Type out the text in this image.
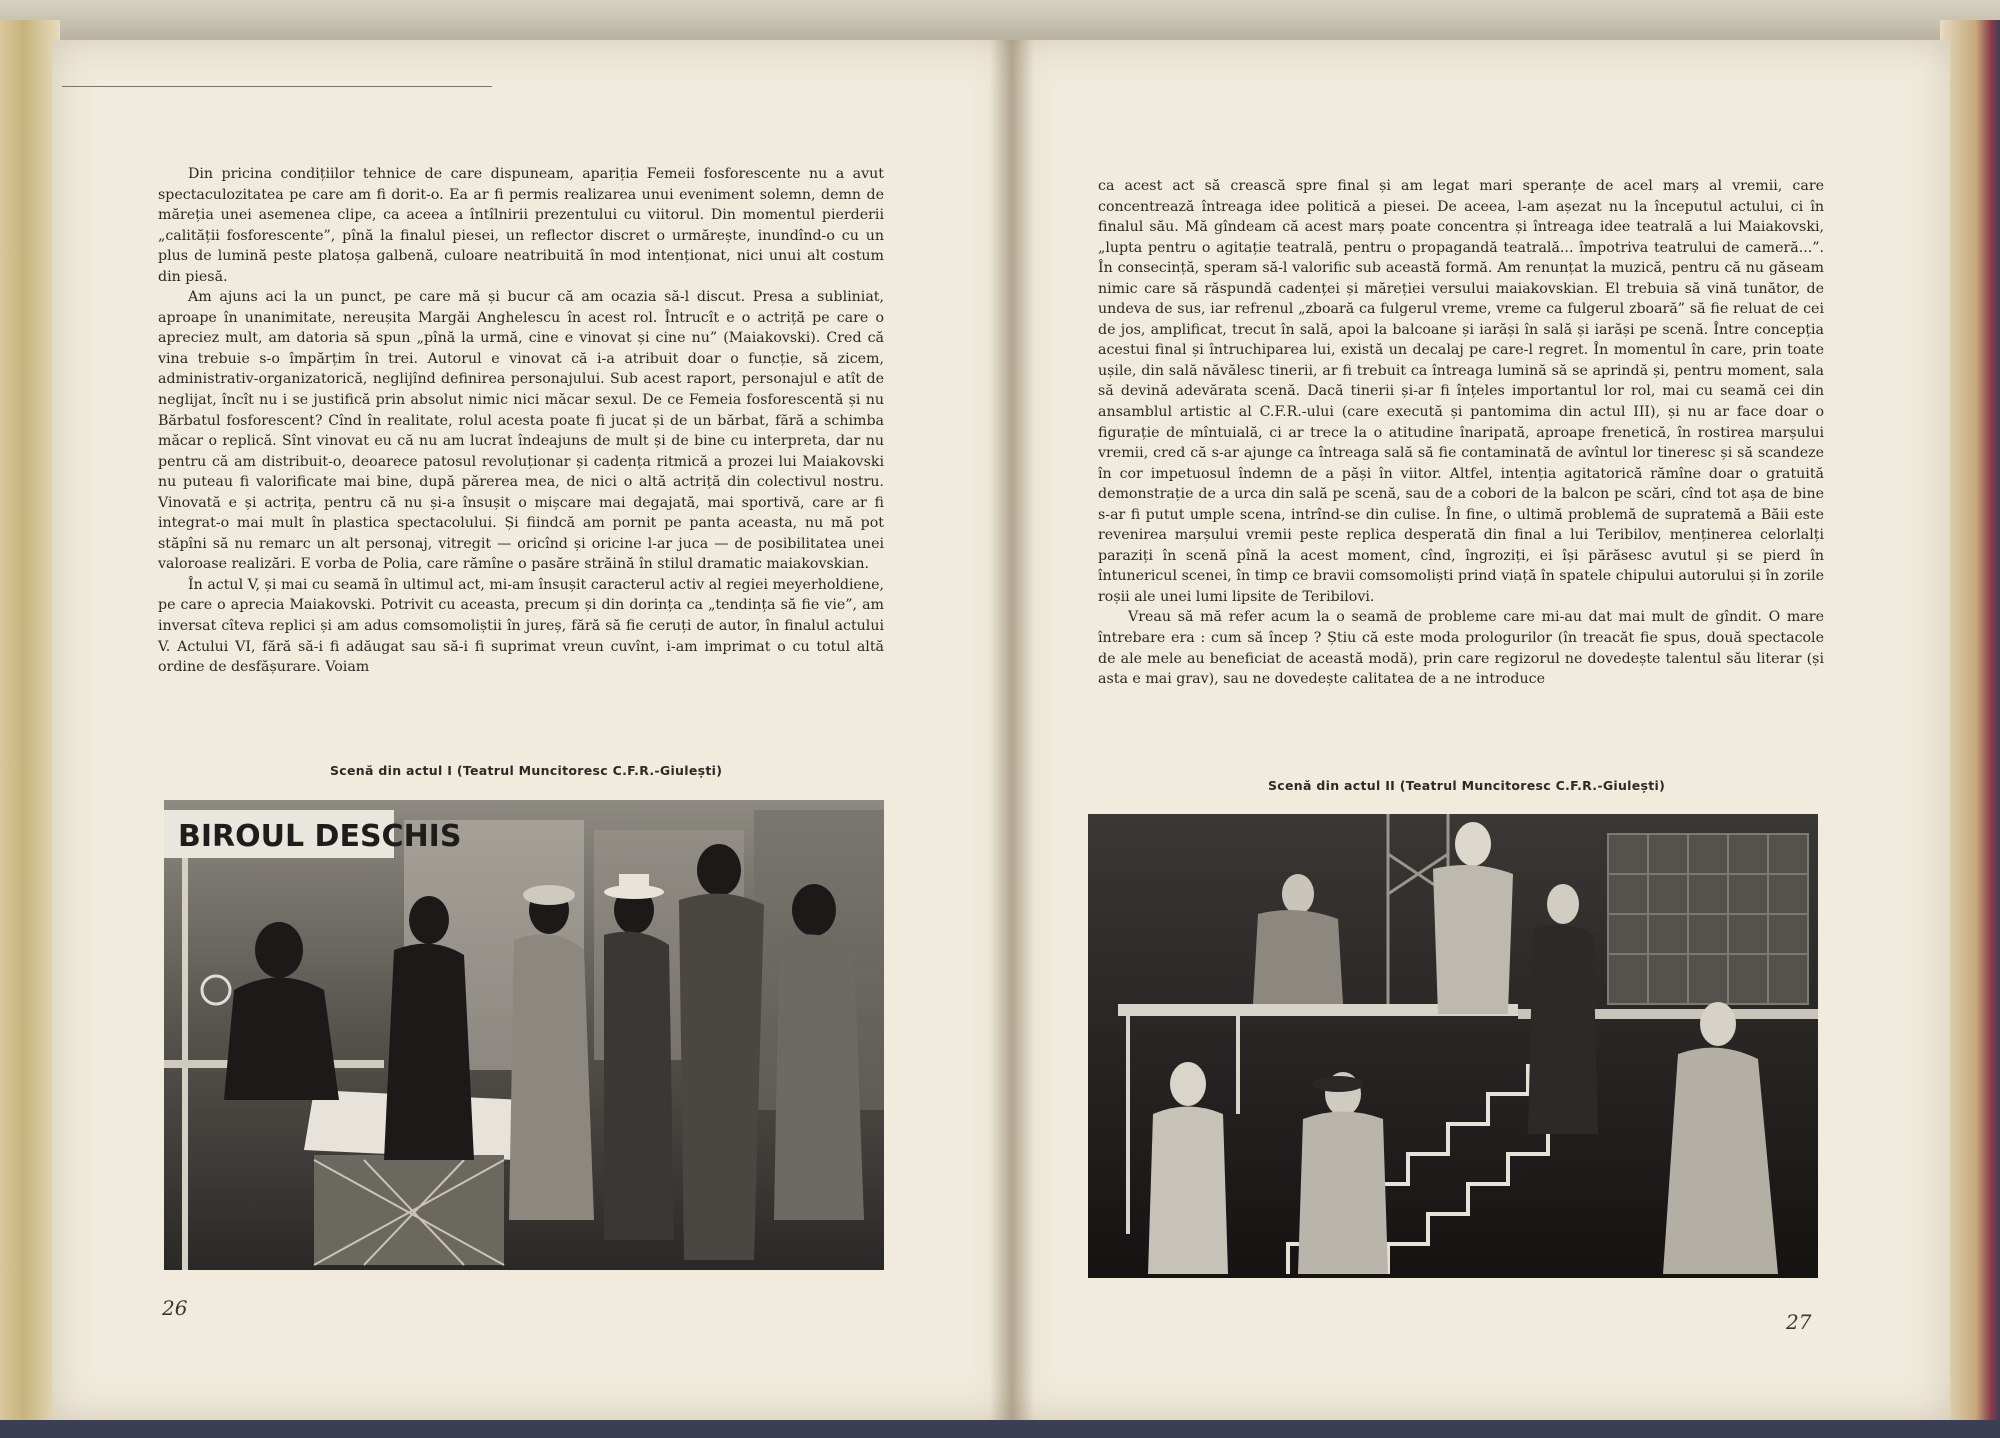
Din pricina condițiilor tehnice de care dispuneam, apariția Femeii fosforescente nu a avut spectaculozitatea pe care am fi dorit-o. Ea ar fi permis realizarea unui eveniment solemn, demn de măreția unei asemenea clipe, ca aceea a întîlnirii prezentului cu viitorul. Din momentul pierderii „calității fosforescente”, pînă la finalul piesei, un reflector discret o urmărește, inundînd-o cu un plus de lumină peste platoșa galbenă, culoare neatribuită în mod intenționat, nici unui alt costum din piesă.

Am ajuns aci la un punct, pe care mă și bucur că am ocazia să-l discut. Presa a subliniat, aproape în unanimitate, nereușita Margăi Anghelescu în acest rol. Întrucît e o actriță pe care o apreciez mult, am datoria să spun „pînă la urmă, cine e vinovat și cine nu” (Maiakovski). Cred că vina trebuie s-o împărțim în trei. Autorul e vinovat că i-a atribuit doar o funcție, să zicem, administrativ-organizatorică, neglijînd definirea personajului. Sub acest raport, personajul e atît de neglijat, încît nu i se justifică prin absolut nimic nici măcar sexul. De ce Femeia fosforescentă și nu Bărbatul fosforescent? Cînd în realitate, rolul acesta poate fi jucat și de un bărbat, fără a schimba măcar o replică. Sînt vinovat eu că nu am lucrat îndeajuns de mult și de bine cu interpreta, dar nu pentru că am distribuit-o, deoarece patosul revoluționar și cadența ritmică a prozei lui Maiakovski nu puteau fi valorificate mai bine, după părerea mea, de nici o altă actriță din colectivul nostru. Vinovată e și actrița, pentru că nu și-a însușit o mișcare mai degajată, mai sportivă, care ar fi integrat-o mai mult în plastica spectacolului. Și fiindcă am pornit pe panta aceasta, nu mă pot stăpîni să nu remarc un alt personaj, vitregit — oricînd și oricine l-ar juca — de posibilitatea unei valoroase realizări. E vorba de Polia, care rămîne o pasăre străină în stilul dramatic maiakovskian.

În actul V, și mai cu seamă în ultimul act, mi-am însușit caracterul activ al regiei meyerholdiene, pe care o aprecia Maiakovski. Potrivit cu aceasta, precum și din dorința ca „tendința să fie vie”, am inversat cîteva replici și am adus comsomoliștii în jureș, fără să fie ceruți de autor, în finalul actului V. Actului VI, fără să-i fi adăugat sau să-i fi suprimat vreun cuvînt, i-am imprimat o cu totul altă ordine de desfășurare. Voiam

Scenă din actul I (Teatrul Muncitoresc C.F.R.-Giulești)
BIROUL DESCHIS
26

ca acest act să crească spre final și am legat mari speranțe de acel marș al vremii, care concentrează întreaga idee politică a piesei. De aceea, l-am așezat nu la începutul actului, ci în finalul său. Mă gîndeam că acest marș poate concentra și întreaga idee teatrală a lui Maiakovski, „lupta pentru o agitație teatrală, pentru o propagandă teatrală... împotriva teatrului de cameră...”. În consecință, speram să-l valorific sub această formă. Am renunțat la muzică, pentru că nu găseam nimic care să răspundă cadenței și măreției versului maiakovskian. El trebuia să vină tunător, de undeva de sus, iar refrenul „zboară ca fulgerul vreme, vreme ca fulgerul zboară” să fie reluat de cei de jos, amplificat, trecut în sală, apoi la balcoane și iarăși în sală și iarăși pe scenă. Între concepția acestui final și întruchiparea lui, există un decalaj pe care-l regret. În momentul în care, prin toate ușile, din sală năvălesc tinerii, ar fi trebuit ca întreaga lumină să se aprindă și, pentru moment, sala să devină adevărata scenă. Dacă tinerii și-ar fi înțeles importantul lor rol, mai cu seamă cei din ansamblul artistic al C.F.R.-ului (care execută și pantomima din actul III), și nu ar face doar o figurație de mîntuială, ci ar trece la o atitudine înaripată, aproape frenetică, în rostirea marșului vremii, cred că s-ar ajunge ca întreaga sală să fie contaminată de avîntul lor tineresc și să scandeze în cor impetuosul îndemn de a păși în viitor. Altfel, intenția agitatorică rămîne doar o gratuită demonstrație de a urca din sală pe scenă, sau de a cobori de la balcon pe scări, cînd tot așa de bine s-ar fi putut umple scena, intrînd-se din culise. În fine, o ultimă problemă de supratemă a Băii este revenirea marșului vremii peste replica desperată din final a lui Teribilov, menținerea celorlalți paraziți în scenă pînă la acest moment, cînd, îngroziți, ei își părăsesc avutul și se pierd în întunericul scenei, în timp ce bravii comsomoliști prind viață în spatele chipului autorului și în zorile roșii ale unei lumi lipsite de Teribilovi.

Vreau să mă refer acum la o seamă de probleme care mi-au dat mai mult de gîndit. O mare întrebare era : cum să încep ? Știu că este moda prologurilor (în treacăt fie spus, două spectacole de ale mele au beneficiat de această modă), prin care regizorul ne dovedește talentul său literar (și asta e mai grav), sau ne dovedește calitatea de a ne introduce

Scenă din actul II (Teatrul Muncitoresc C.F.R.-Giulești)
27
